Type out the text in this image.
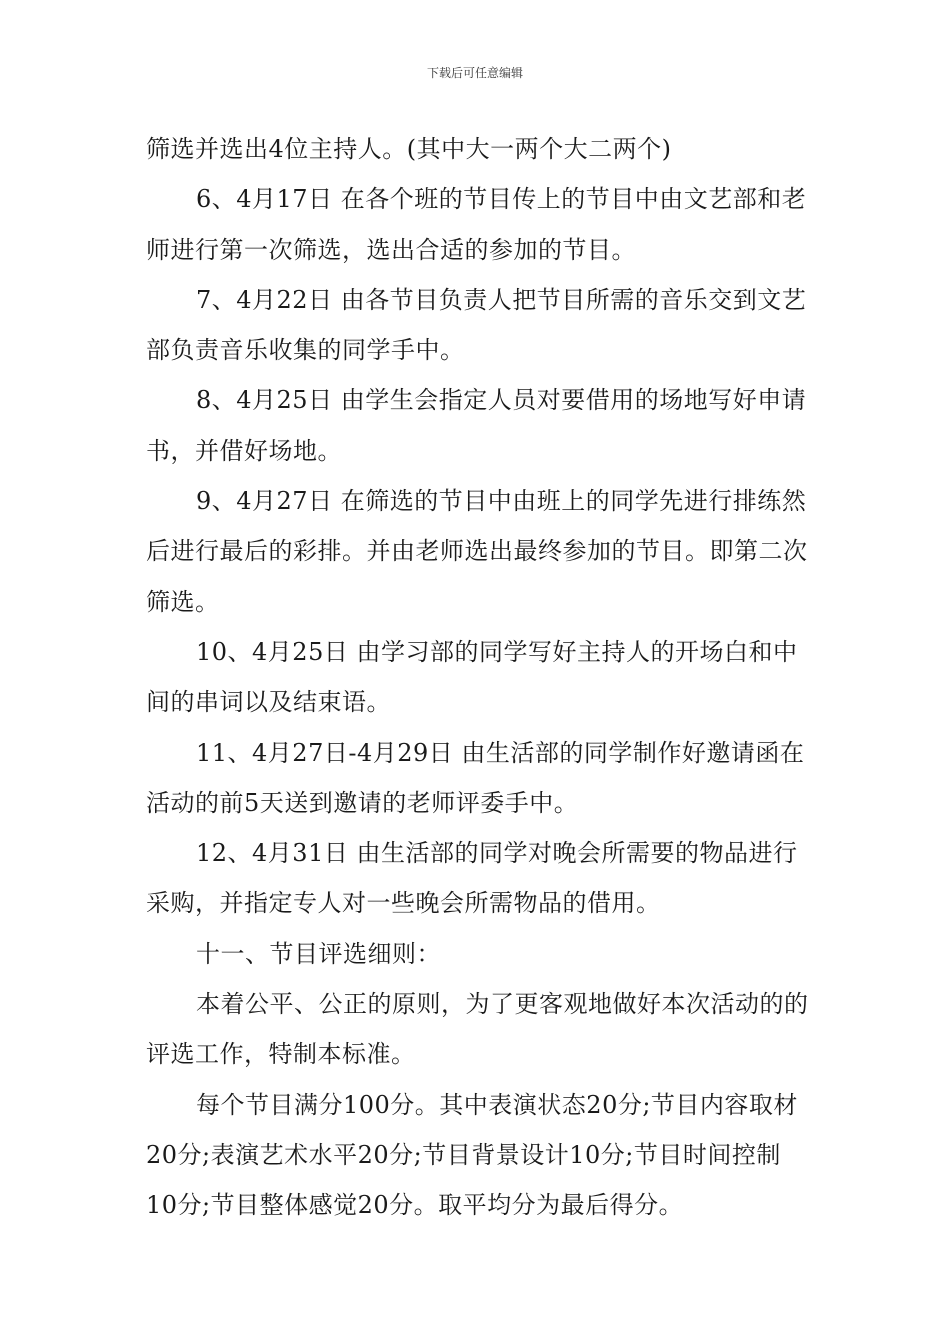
下载后可任意编辑

筛选并选出4位主持人。(其中大一两个大二两个)

6、4月17日 在各个班的节目传上的节目中由文艺部和老师进行第一次筛选，选出合适的参加的节目。

7、4月22日 由各节目负责人把节目所需的音乐交到文艺部负责音乐收集的同学手中。

8、4月25日 由学生会指定人员对要借用的场地写好申请书，并借好场地。

9、4月27日 在筛选的节目中由班上的同学先进行排练然后进行最后的彩排。并由老师选出最终参加的节目。即第二次筛选。

10、4月25日 由学习部的同学写好主持人的开场白和中间的串词以及结束语。

11、4月27日-4月29日 由生活部的同学制作好邀请函在活动的前5天送到邀请的老师评委手中。

12、4月31日 由生活部的同学对晚会所需要的物品进行采购，并指定专人对一些晚会所需物品的借用。

十一、节目评选细则：

本着公平、公正的原则，为了更客观地做好本次活动的的评选工作，特制本标准。

每个节目满分100分。其中表演状态20分;节目内容取材20分;表演艺术水平20分;节目背景设计10分;节目时间控制10分;节目整体感觉20分。取平均分为最后得分。
